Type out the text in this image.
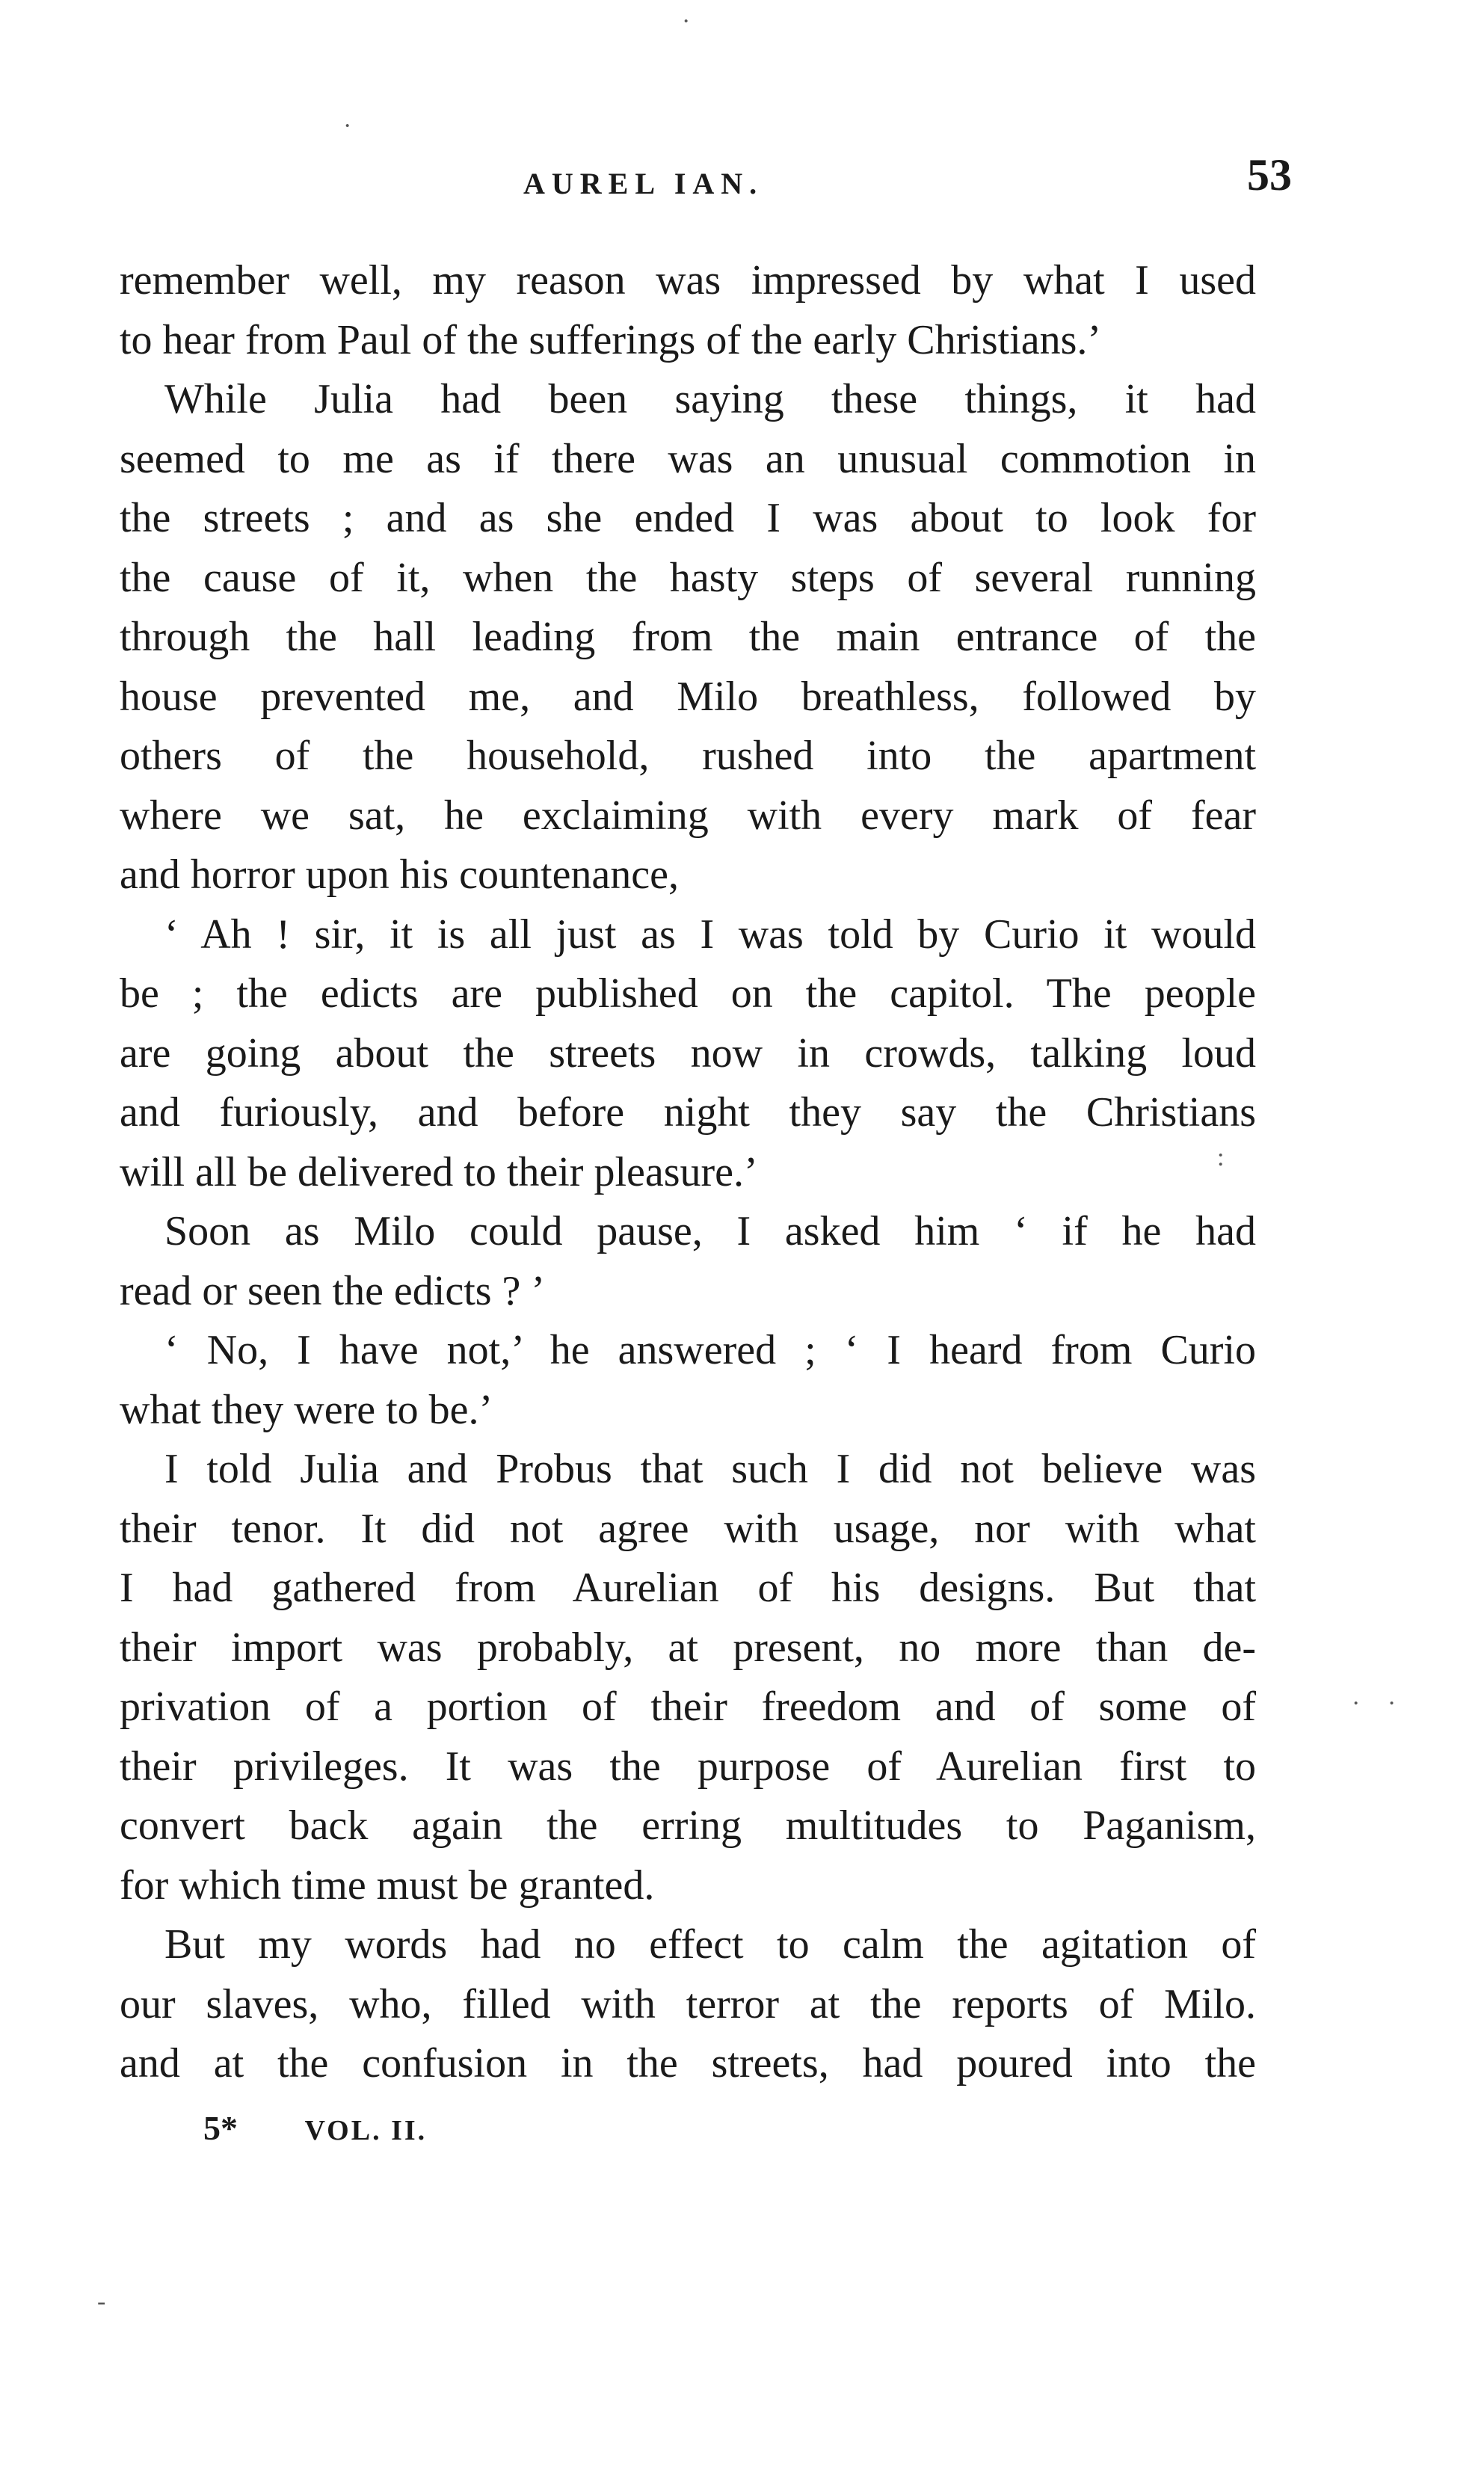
·
·
AUREL IAN.	53
remember well, my reason was impressed by what I used
to hear from Paul of the sufferings of the early Christians.’
While Julia had been saying these things, it had
seemed to me as if there was an unusual commotion in
the streets ; and as she ended I was about to look for
the cause of it, when the hasty steps of several running
through the hall leading from the main entrance of the
house prevented me, and Milo breathless, followed by
others of the household, rushed into the apartment
where we sat, he exclaiming with every mark of fear
and horror upon his countenance,
‘ Ah ! sir, it is all just as I was told by Curio it would
be ; the edicts are published on the capitol. The people
are going about the streets now in crowds, talking loud
and furiously, and before night they say the Christians
will all be delivered to their pleasure.’
Soon as Milo could pause, I asked him ‘ if he had
read or seen the edicts ? ’
‘ No, I have not,’ he answered ; ‘ I heard from Curio
what they were to be.’
I told Julia and Probus that such I did not believe was
their tenor. It did not agree with usage, nor with what
I had gathered from Aurelian of his designs. But that
their import was probably, at present, no more than de-
privation of a portion of their freedom and of some of
their privileges. It was the purpose of Aurelian first to
convert back again the erring multitudes to Paganism,
for which time must be granted.
But my words had no effect to calm the agitation of
our slaves, who, filled with terror at the reports of Milo.
and at the confusion in the streets, had poured into the
:
· ·
5* VOL. II.
-
